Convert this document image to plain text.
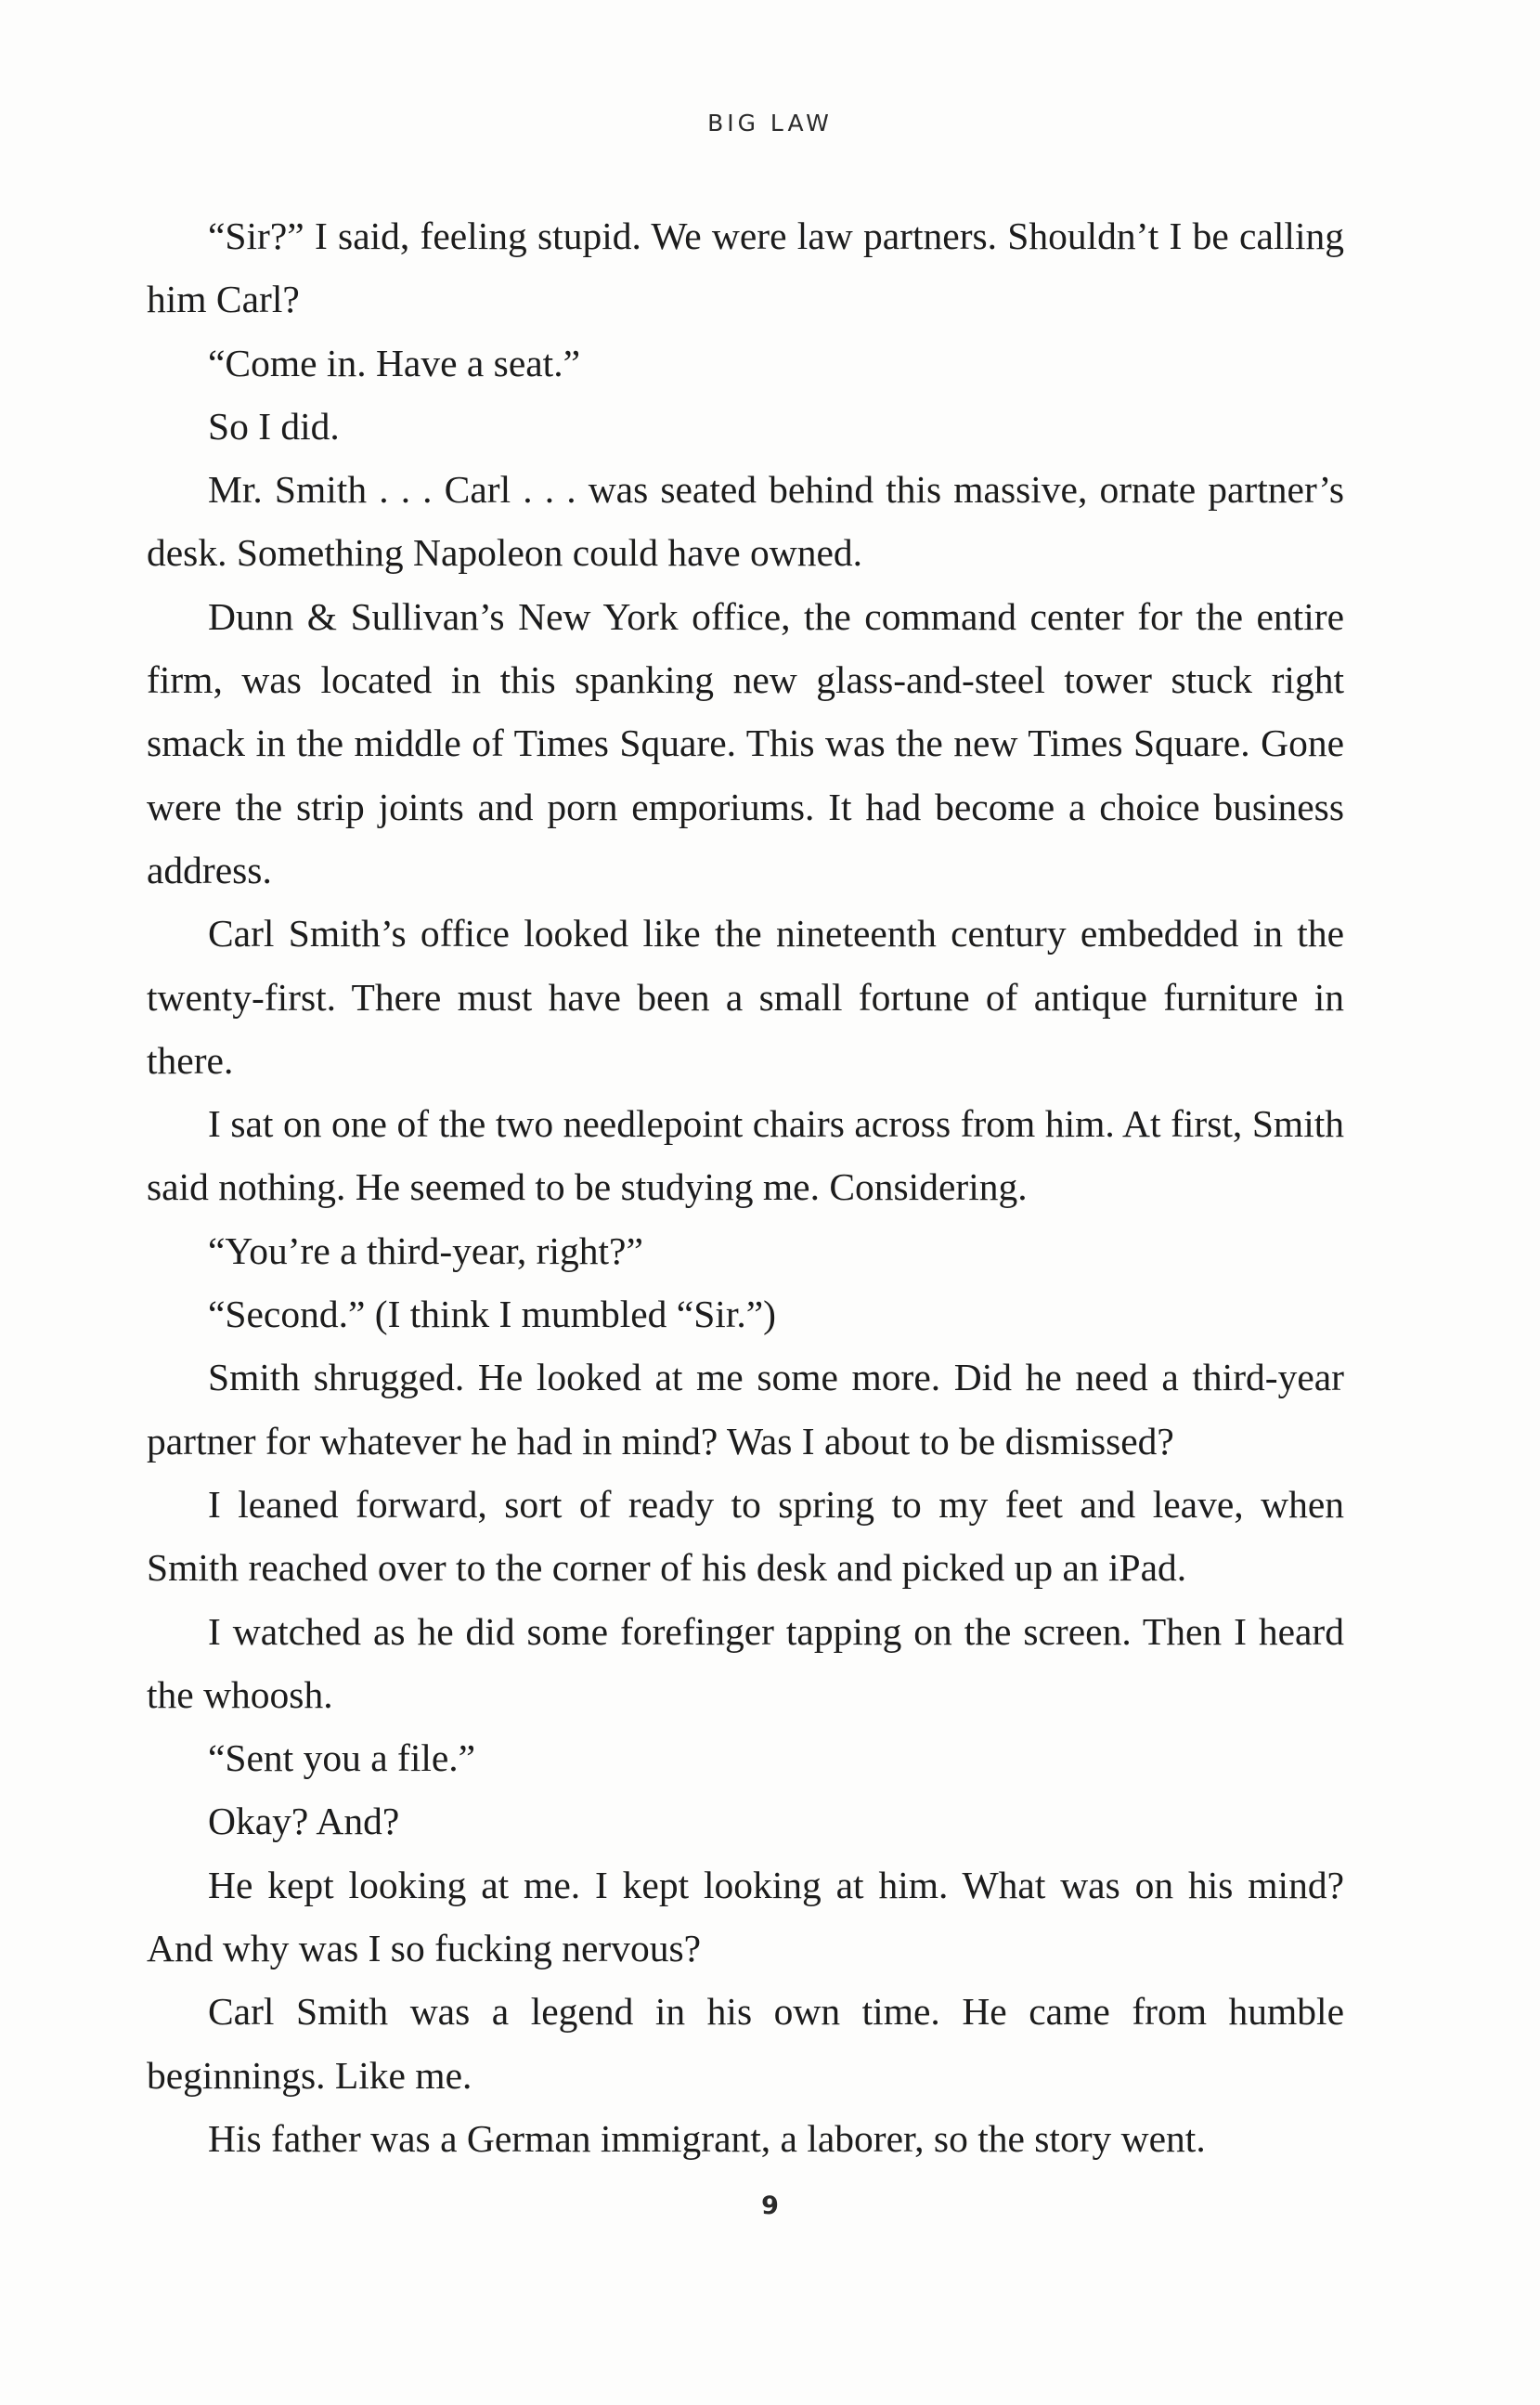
BIG LAW

“Sir?” I said, feeling stupid. We were law partners. Shouldn’t I be calling him Carl?

“Come in. Have a seat.”

So I did.

Mr. Smith . . . Carl . . . was seated behind this massive, ornate partner’s desk. Something Napoleon could have owned.

Dunn & Sullivan’s New York office, the command center for the entire firm, was located in this spanking new glass-and-steel tower stuck right smack in the middle of Times Square. This was the new Times Square. Gone were the strip joints and porn emporiums. It had become a choice business address.

Carl Smith’s office looked like the nineteenth century embedded in the twenty-first. There must have been a small fortune of antique furniture in there.

I sat on one of the two needlepoint chairs across from him. At first, Smith said nothing. He seemed to be studying me. Considering.

“You’re a third-year, right?”

“Second.” (I think I mumbled “Sir.”)

Smith shrugged. He looked at me some more. Did he need a third-year partner for whatever he had in mind? Was I about to be dismissed?

I leaned forward, sort of ready to spring to my feet and leave, when Smith reached over to the corner of his desk and picked up an iPad.

I watched as he did some forefinger tapping on the screen. Then I heard the whoosh.

“Sent you a file.”

Okay? And?

He kept looking at me. I kept looking at him. What was on his mind? And why was I so fucking nervous?

Carl Smith was a legend in his own time. He came from humble beginnings. Like me.

His father was a German immigrant, a laborer, so the story went.

9
